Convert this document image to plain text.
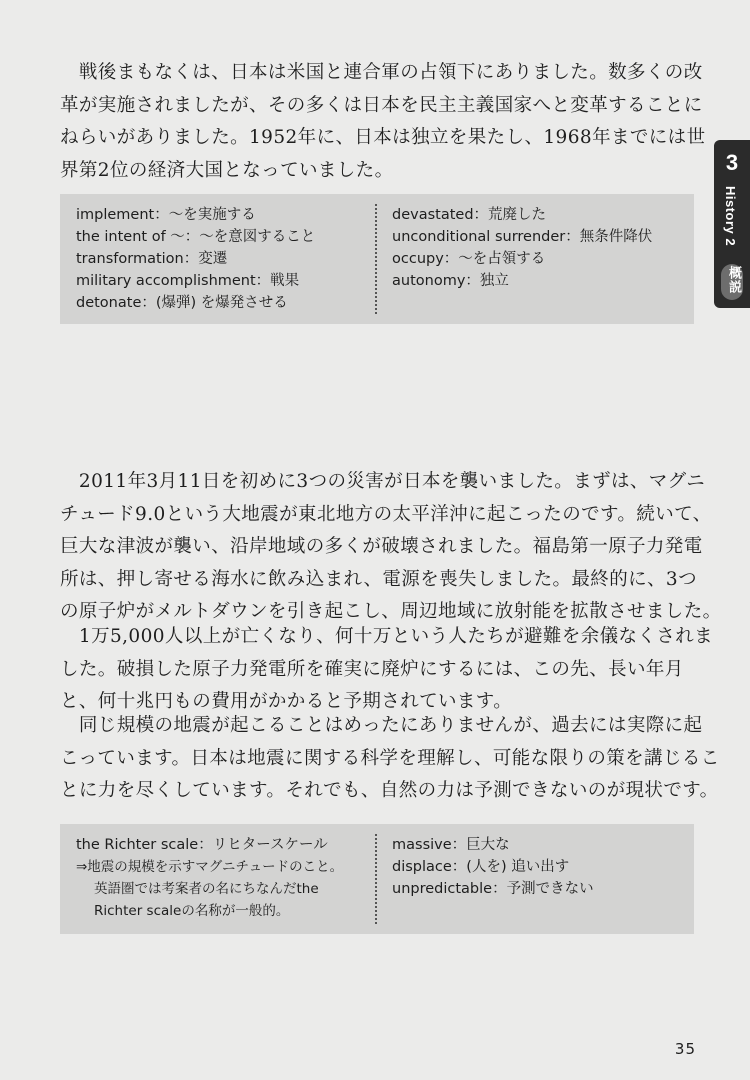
　戦後まもなくは、日本は米国と連合軍の占領下にありました。数多くの改
革が実施されましたが、その多くは日本を民主主義国家へと変革することに
ねらいがありました。1952年に、日本は独立を果たし、1968年までには世
界第2位の経済大国となっていました。
implement：〜を実施する
the intent of 〜：〜を意図すること
transformation：変遷
military accomplishment：戦果
detonate：(爆弾) を爆発させる
devastated：荒廃した
unconditional surrender：無条件降伏
occupy：〜を占領する
autonomy：独立
　2011年3月11日を初めに3つの災害が日本を襲いました。まずは、マグニ
チュード9.0という大地震が東北地方の太平洋沖に起こったのです。続いて、
巨大な津波が襲い、沿岸地域の多くが破壊されました。福島第一原子力発電
所は、押し寄せる海水に飲み込まれ、電源を喪失しました。最終的に、3つ
の原子炉がメルトダウンを引き起こし、周辺地域に放射能を拡散させました。
　1万5,000人以上が亡くなり、何十万という人たちが避難を余儀なくされま
した。破損した原子力発電所を確実に廃炉にするには、この先、長い年月
と、何十兆円もの費用がかかると予期されています。
　同じ規模の地震が起こることはめったにありませんが、過去には実際に起
こっています。日本は地震に関する科学を理解し、可能な限りの策を講じるこ
とに力を尽くしています。それでも、自然の力は予測できないのが現状です。
the Richter scale：リヒタースケール
⇒地震の規模を示すマグニチュードのこと。
英語圏では考案者の名にちなんだthe
Richter scaleの名称が一般的。
massive：巨大な
displace：(人を) 追い出す
unpredictable：予測できない
3
History 2
概説
35
